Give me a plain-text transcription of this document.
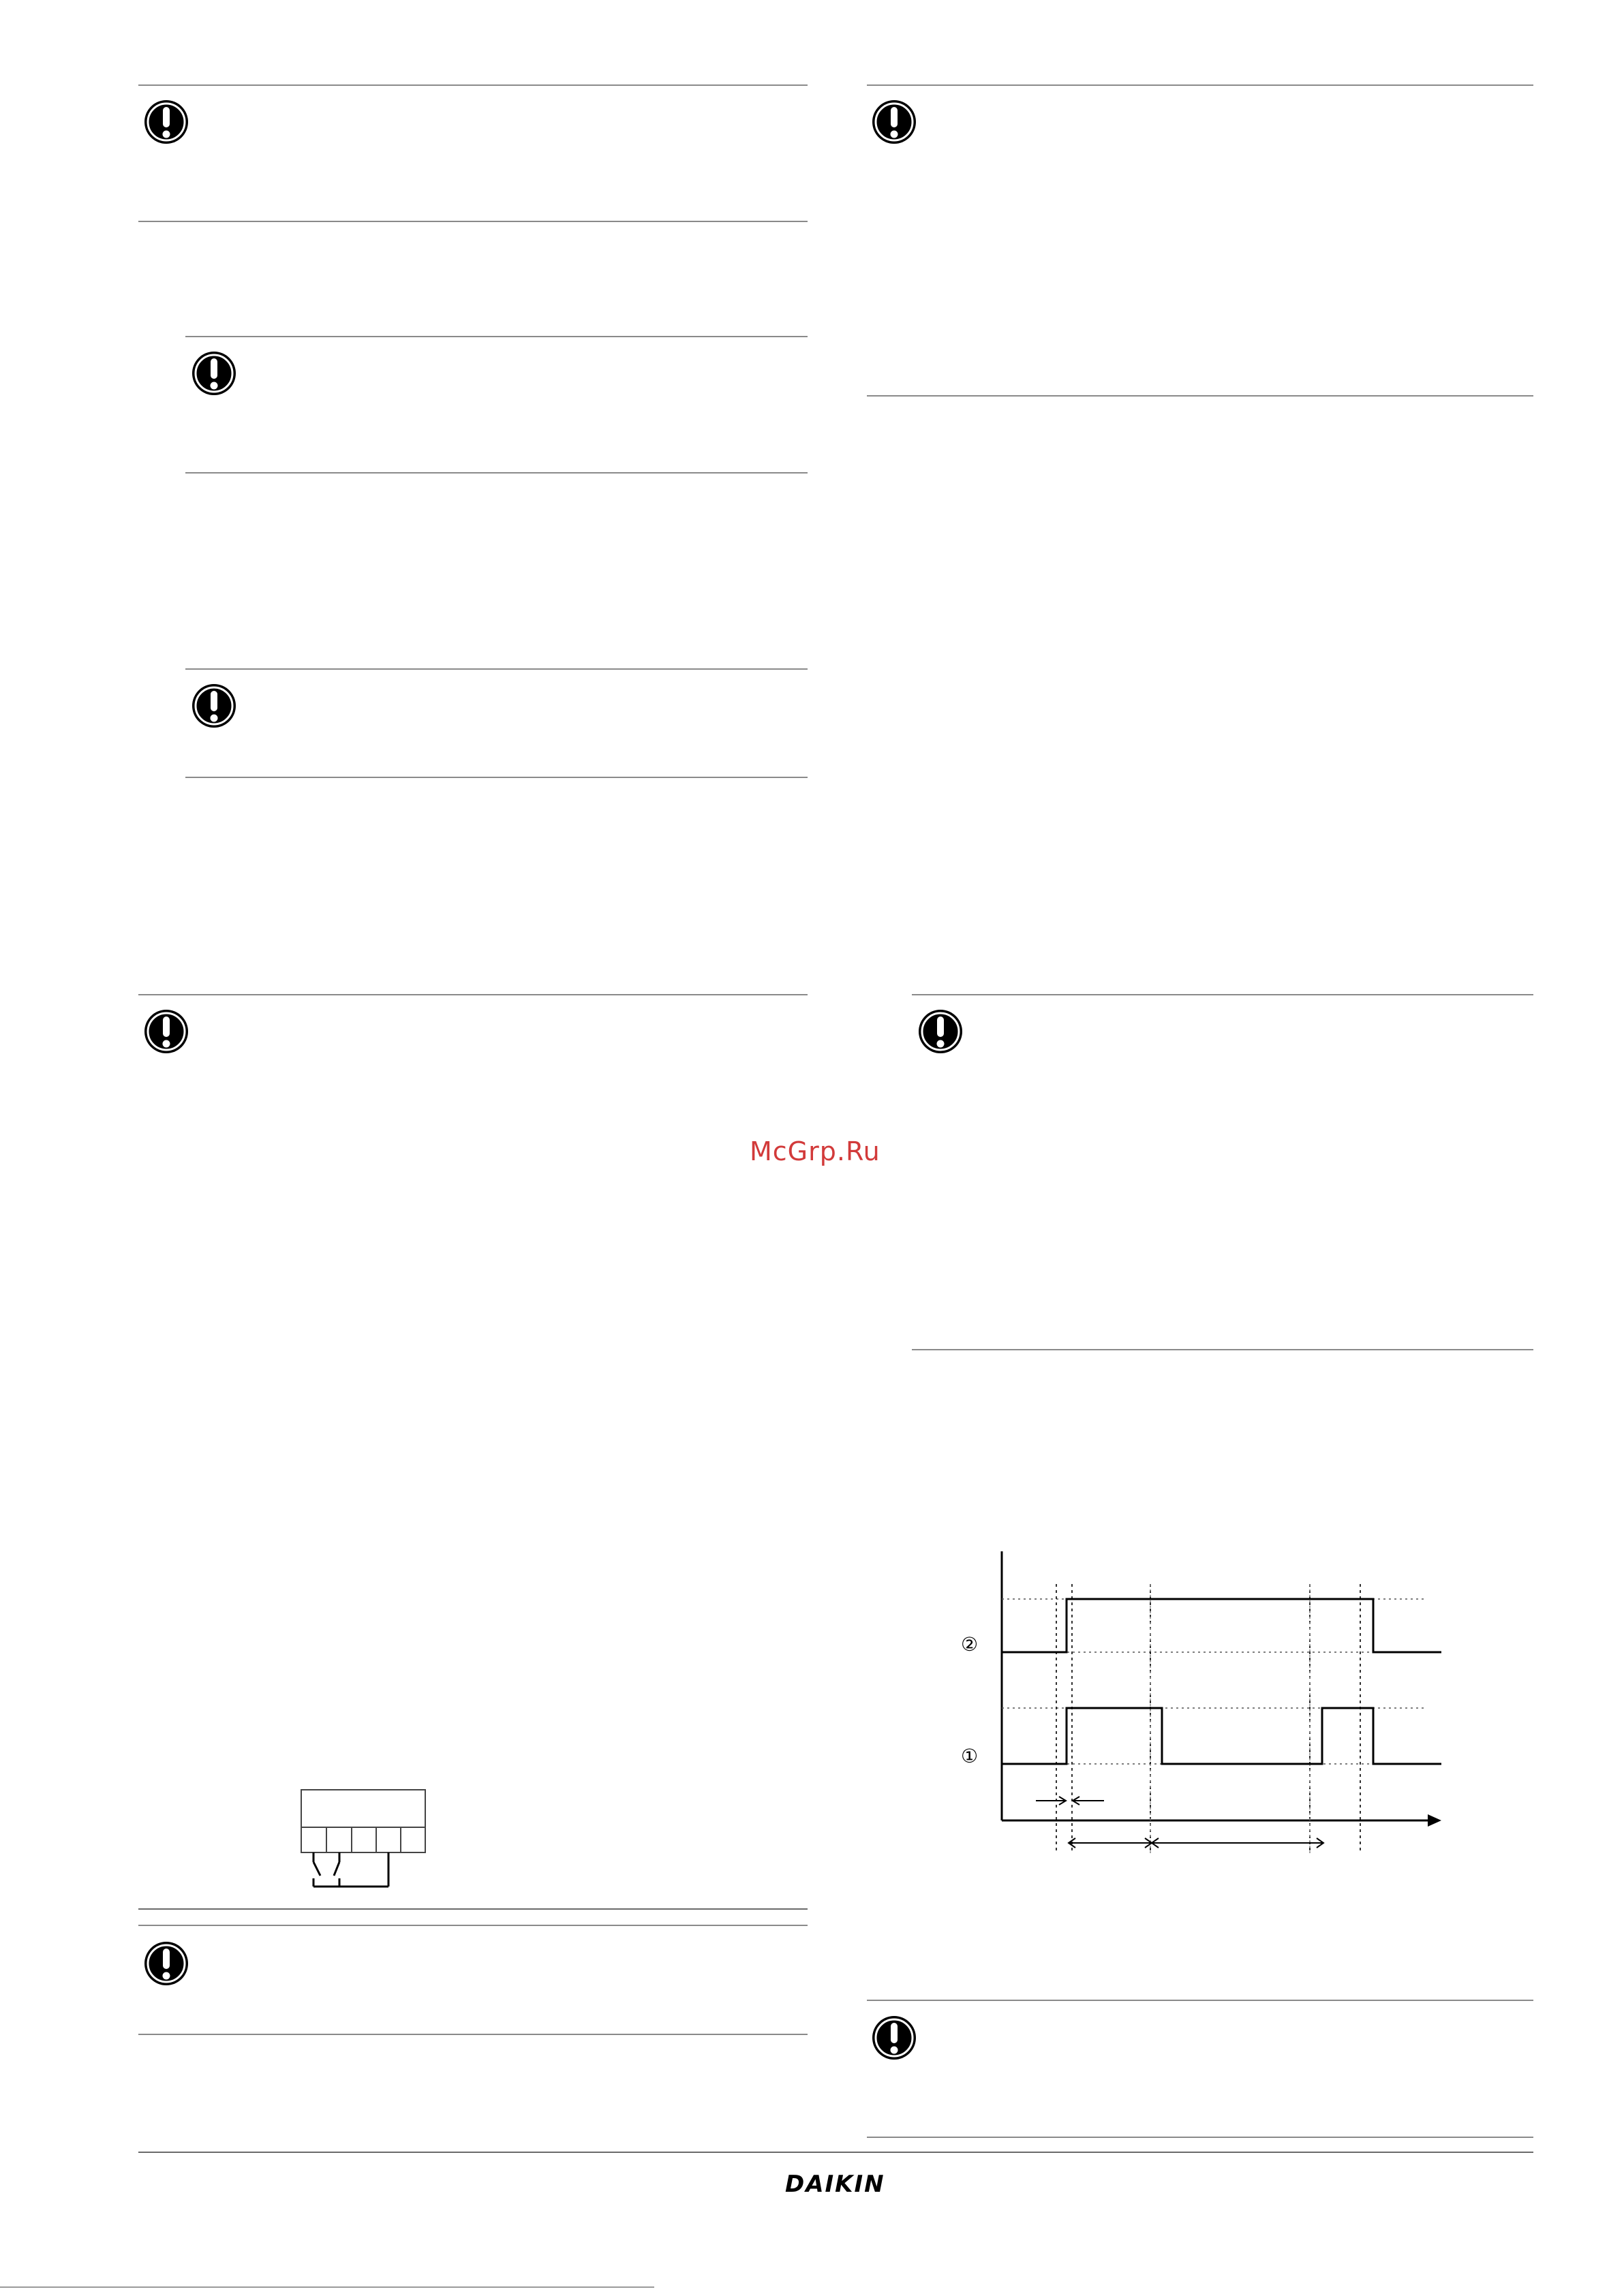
②
①
McGrp.Ru
DAIKIN
